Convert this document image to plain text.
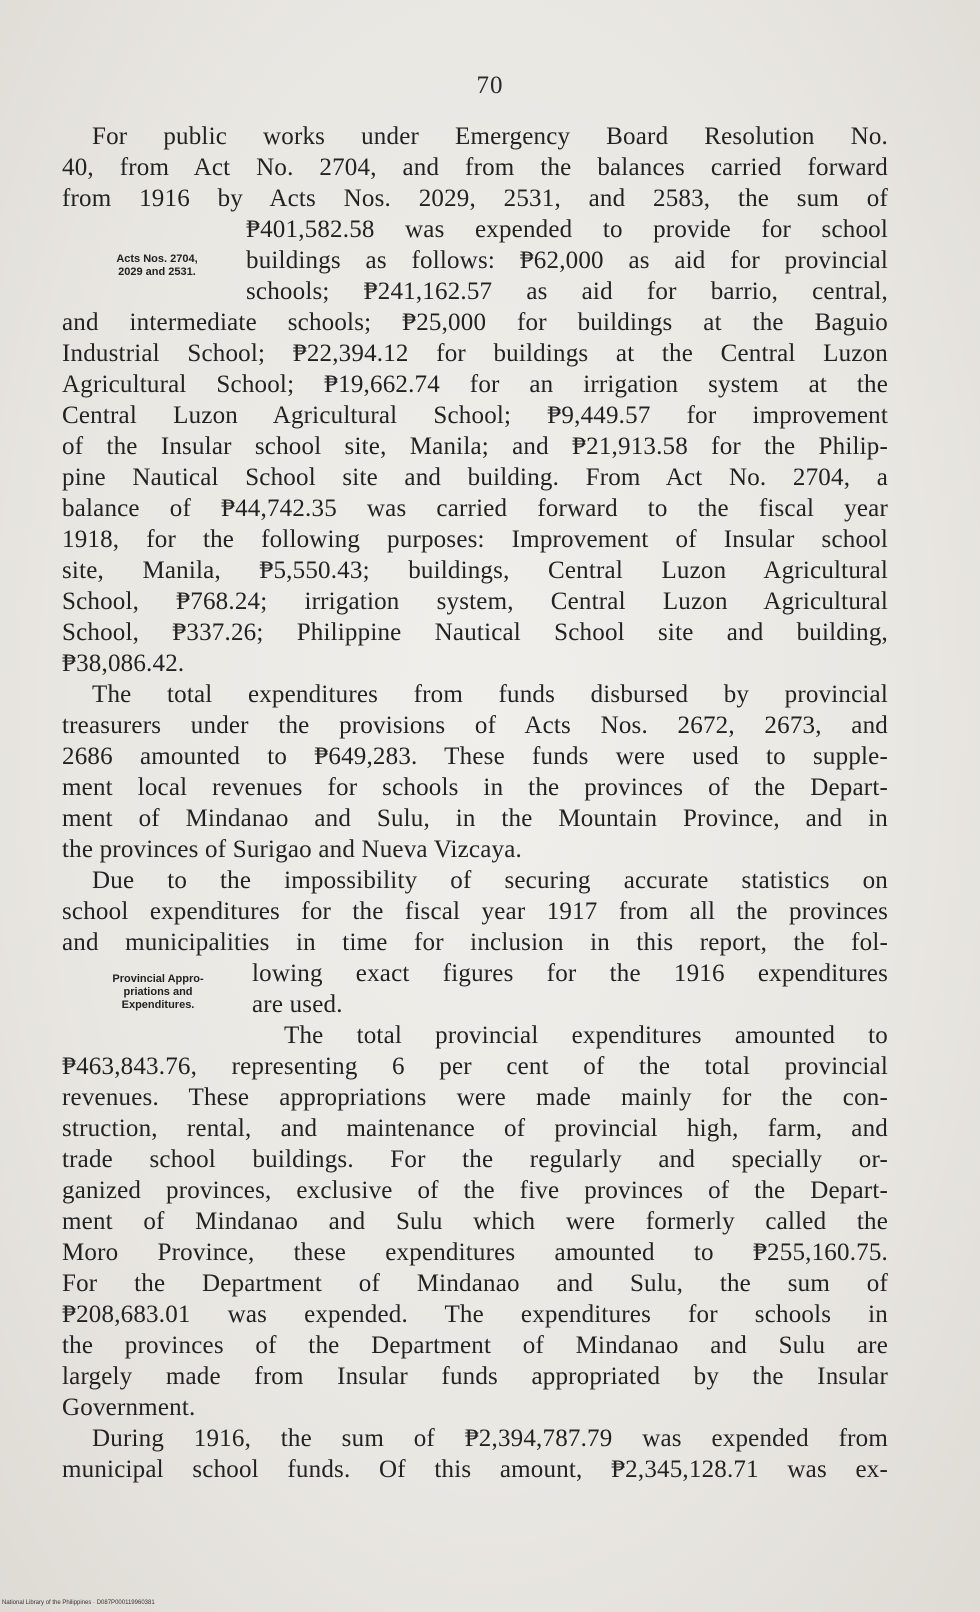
70
Acts Nos. 2704,
2029 and 2531.
Provincial Appro-
priations and
Expenditures.
For public works under Emergency Board Resolution No.
40, from Act No. 2704, and from the balances carried forward
from 1916 by Acts Nos. 2029, 2531, and 2583, the sum of
₱401,582.58 was expended to provide for school
buildings as follows: ₱62,000 as aid for provincial
schools; ₱241,162.57 as aid for barrio, central,
and intermediate schools; ₱25,000 for buildings at the Baguio
Industrial School; ₱22,394.12 for buildings at the Central Luzon
Agricultural School; ₱19,662.74 for an irrigation system at the
Central Luzon Agricultural School; ₱9,449.57 for improvement
of the Insular school site, Manila; and ₱21,913.58 for the Philip-
pine Nautical School site and building. From Act No. 2704, a
balance of ₱44,742.35 was carried forward to the fiscal year
1918, for the following purposes: Improvement of Insular school
site, Manila, ₱5,550.43; buildings, Central Luzon Agricultural
School, ₱768.24; irrigation system, Central Luzon Agricultural
School, ₱337.26; Philippine Nautical School site and building,
₱38,086.42.
The total expenditures from funds disbursed by provincial
treasurers under the provisions of Acts Nos. 2672, 2673, and
2686 amounted to ₱649,283. These funds were used to supple-
ment local revenues for schools in the provinces of the Depart-
ment of Mindanao and Sulu, in the Mountain Province, and in
the provinces of Surigao and Nueva Vizcaya.
Due to the impossibility of securing accurate statistics on
school expenditures for the fiscal year 1917 from all the provinces
and municipalities in time for inclusion in this report, the fol-
lowing exact figures for the 1916 expenditures
are used.
The total provincial expenditures amounted to
₱463,843.76, representing 6 per cent of the total provincial
revenues. These appropriations were made mainly for the con-
struction, rental, and maintenance of provincial high, farm, and
trade school buildings. For the regularly and specially or-
ganized provinces, exclusive of the five provinces of the Depart-
ment of Mindanao and Sulu which were formerly called the
Moro Province, these expenditures amounted to ₱255,160.75.
For the Department of Mindanao and Sulu, the sum of
₱208,683.01 was expended. The expenditures for schools in
the provinces of the Department of Mindanao and Sulu are
largely made from Insular funds appropriated by the Insular
Government.
During 1916, the sum of ₱2,394,787.79 was expended from
municipal school funds. Of this amount, ₱2,345,128.71 was ex-
National Library of the Philippines · D087P000119960381
